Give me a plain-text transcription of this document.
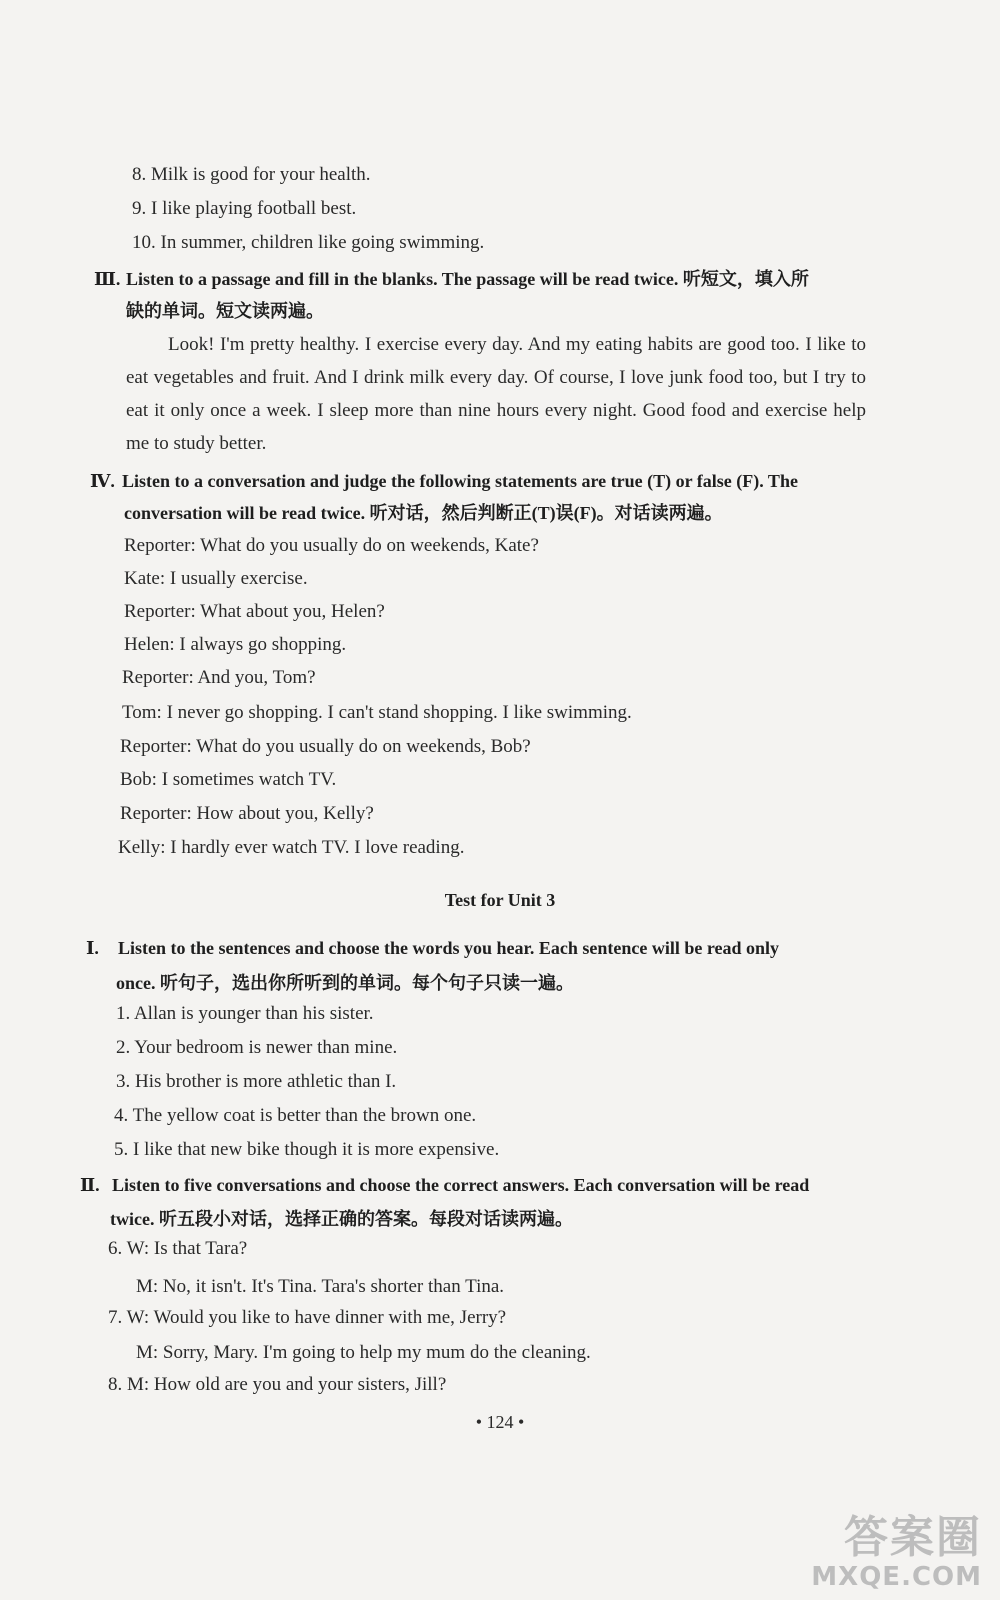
8. Milk is good for your health.
9. I like playing football best.
10. In summer, children like going swimming.
Ⅲ. Listen to a passage and fill in the blanks. The passage will be read twice. 听短文，填入所
缺的单词。短文读两遍。
Look! I'm pretty healthy. I exercise every day. And my eating habits are good too. I like to eat vegetables and fruit. And I drink milk every day. Of course, I love junk food too, but I try to eat it only once a week. I sleep more than nine hours every night. Good food and exercise help me to study better.
Ⅳ. Listen to a conversation and judge the following statements are true (T) or false (F). The
conversation will be read twice. 听对话，然后判断正(T)误(F)。对话读两遍。
Reporter: What do you usually do on weekends, Kate?
Kate: I usually exercise.
Reporter: What about you, Helen?
Helen: I always go shopping.
Reporter: And you, Tom?
Tom: I never go shopping. I can't stand shopping. I like swimming.
Reporter: What do you usually do on weekends, Bob?
Bob: I sometimes watch TV.
Reporter: How about you, Kelly?
Kelly: I hardly ever watch TV. I love reading.
Test for Unit 3
Ⅰ. Listen to the sentences and choose the words you hear. Each sentence will be read only
once. 听句子，选出你所听到的单词。每个句子只读一遍。
1. Allan is younger than his sister.
2. Your bedroom is newer than mine.
3. His brother is more athletic than I.
4. The yellow coat is better than the brown one.
5. I like that new bike though it is more expensive.
Ⅱ. Listen to five conversations and choose the correct answers. Each conversation will be read
twice. 听五段小对话，选择正确的答案。每段对话读两遍。
6. W: Is that Tara?
M: No, it isn't. It's Tina. Tara's shorter than Tina.
7. W: Would you like to have dinner with me, Jerry?
M: Sorry, Mary. I'm going to help my mum do the cleaning.
8. M: How old are you and your sisters, Jill?
• 124 •
答案圈
MXQE.COM
